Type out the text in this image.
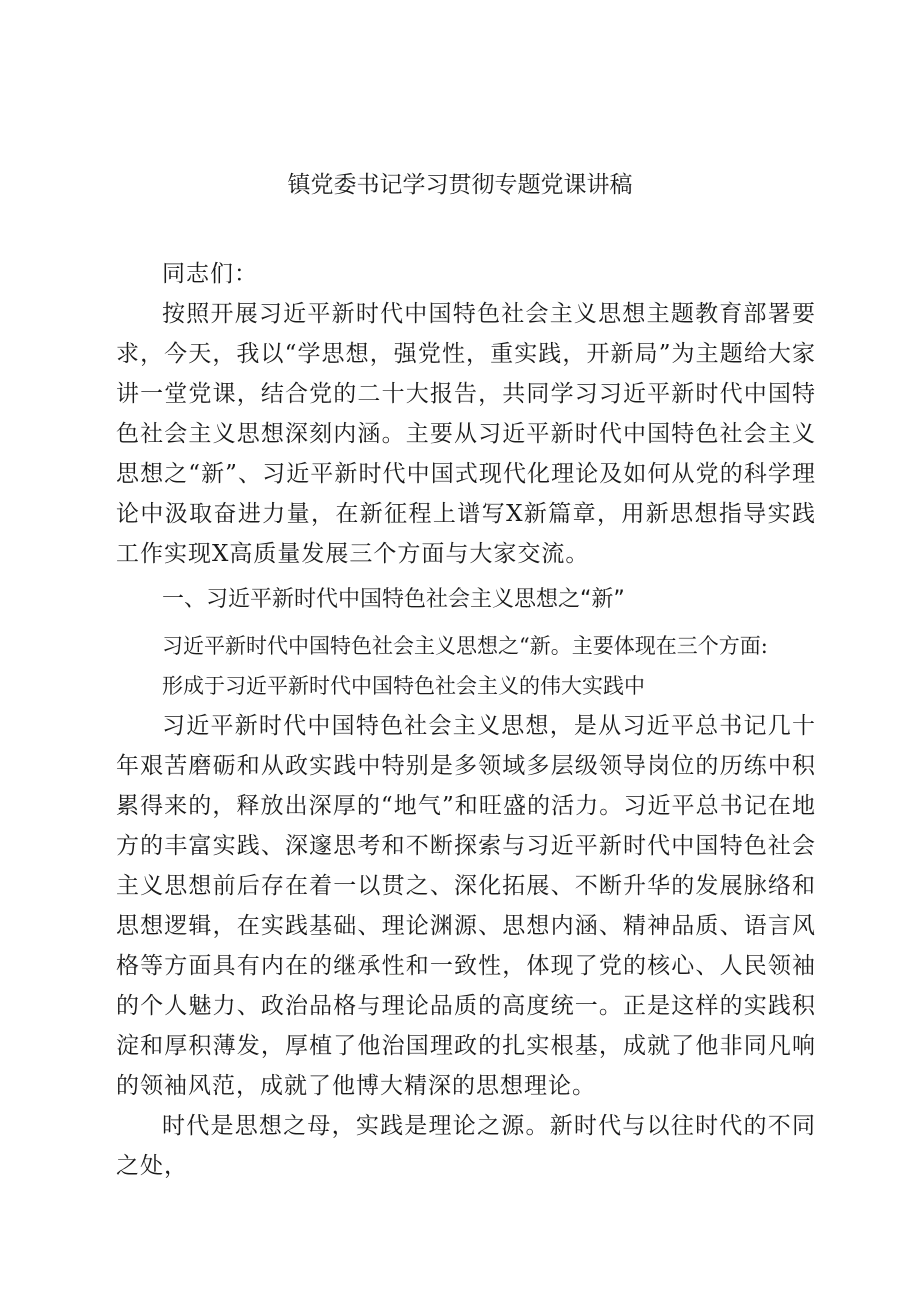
镇党委书记学习贯彻专题党课讲稿

同志们：

按照开展习近平新时代中国特色社会主义思想主题教育部署要求，今天，我以“学思想，强党性，重实践，开新局”为主题给大家讲一堂党课，结合党的二十大报告，共同学习习近平新时代中国特色社会主义思想深刻内涵。主要从习近平新时代中国特色社会主义思想之“新”、习近平新时代中国式现代化理论及如何从党的科学理论中汲取奋进力量，在新征程上谱写X新篇章，用新思想指导实践工作实现X高质量发展三个方面与大家交流。

一、习近平新时代中国特色社会主义思想之“新”

习近平新时代中国特色社会主义思想之“新。主要体现在三个方面:

形成于习近平新时代中国特色社会主义的伟大实践中

习近平新时代中国特色社会主义思想，是从习近平总书记几十年艰苦磨砺和从政实践中特别是多领域多层级领导岗位的历练中积累得来的，释放出深厚的“地气”和旺盛的活力。习近平总书记在地方的丰富实践、深邃思考和不断探索与习近平新时代中国特色社会主义思想前后存在着一以贯之、深化拓展、不断升华的发展脉络和思想逻辑，在实践基础、理论渊源、思想内涵、精神品质、语言风格等方面具有内在的继承性和一致性，体现了党的核心、人民领袖的个人魅力、政治品格与理论品质的高度统一。正是这样的实践积淀和厚积薄发，厚植了他治国理政的扎实根基，成就了他非同凡响的领袖风范，成就了他博大精深的思想理论。

时代是思想之母，实践是理论之源。新时代与以往时代的不同之处，
